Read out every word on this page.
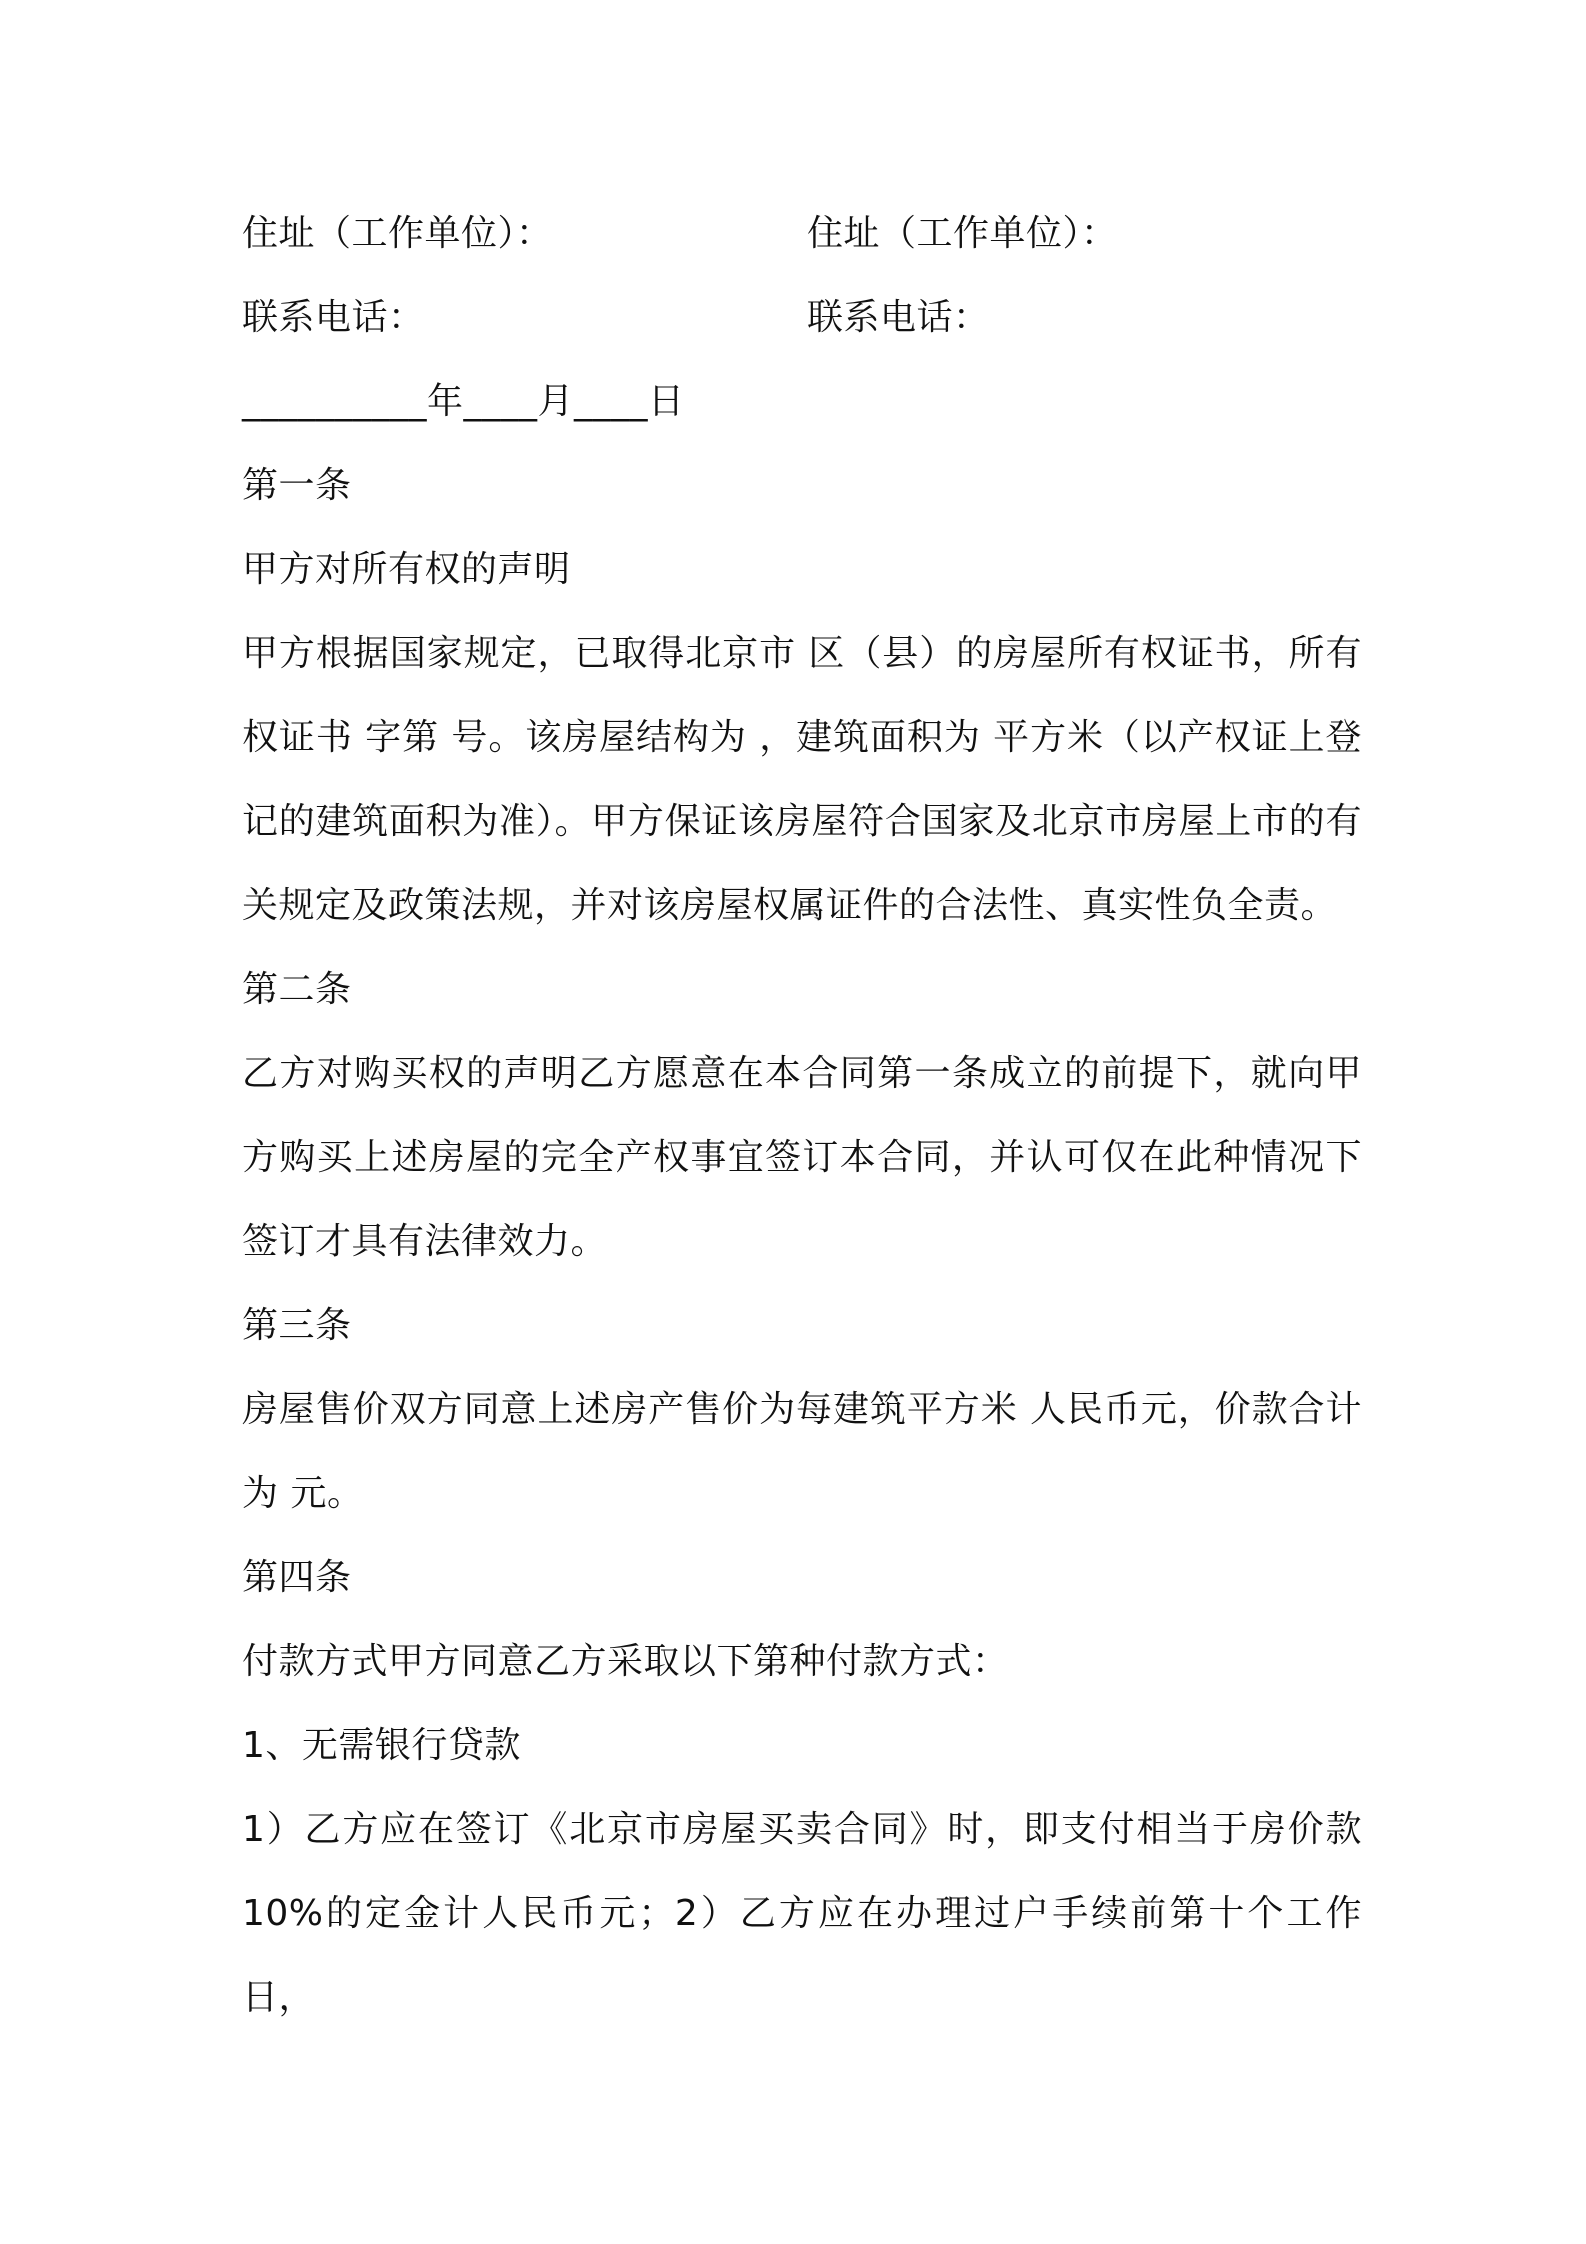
住址（工作单位）：	住址（工作单位）：
联系电话：	联系电话：
__________年____月____日
第一条
甲方对所有权的声明
甲方根据国家规定，已取得北京市 区（县）的房屋所有权证书，所有权证书 字第 号。该房屋结构为 ，建筑面积为 平方米（以产权证上登记的建筑面积为准）。甲方保证该房屋符合国家及北京市房屋上市的有关规定及政策法规，并对该房屋权属证件的合法性、真实性负全责。
第二条
乙方对购买权的声明乙方愿意在本合同第一条成立的前提下，就向甲方购买上述房屋的完全产权事宜签订本合同，并认可仅在此种情况下签订才具有法律效力。
第三条
房屋售价双方同意上述房产售价为每建筑平方米 人民币元，价款合计为 元。
第四条
付款方式甲方同意乙方采取以下第种付款方式：
1、无需银行贷款
1）乙方应在签订《北京市房屋买卖合同》时，即支付相当于房价款10%的定金计人民币元；2）乙方应在办理过户手续前第十个工作日，
